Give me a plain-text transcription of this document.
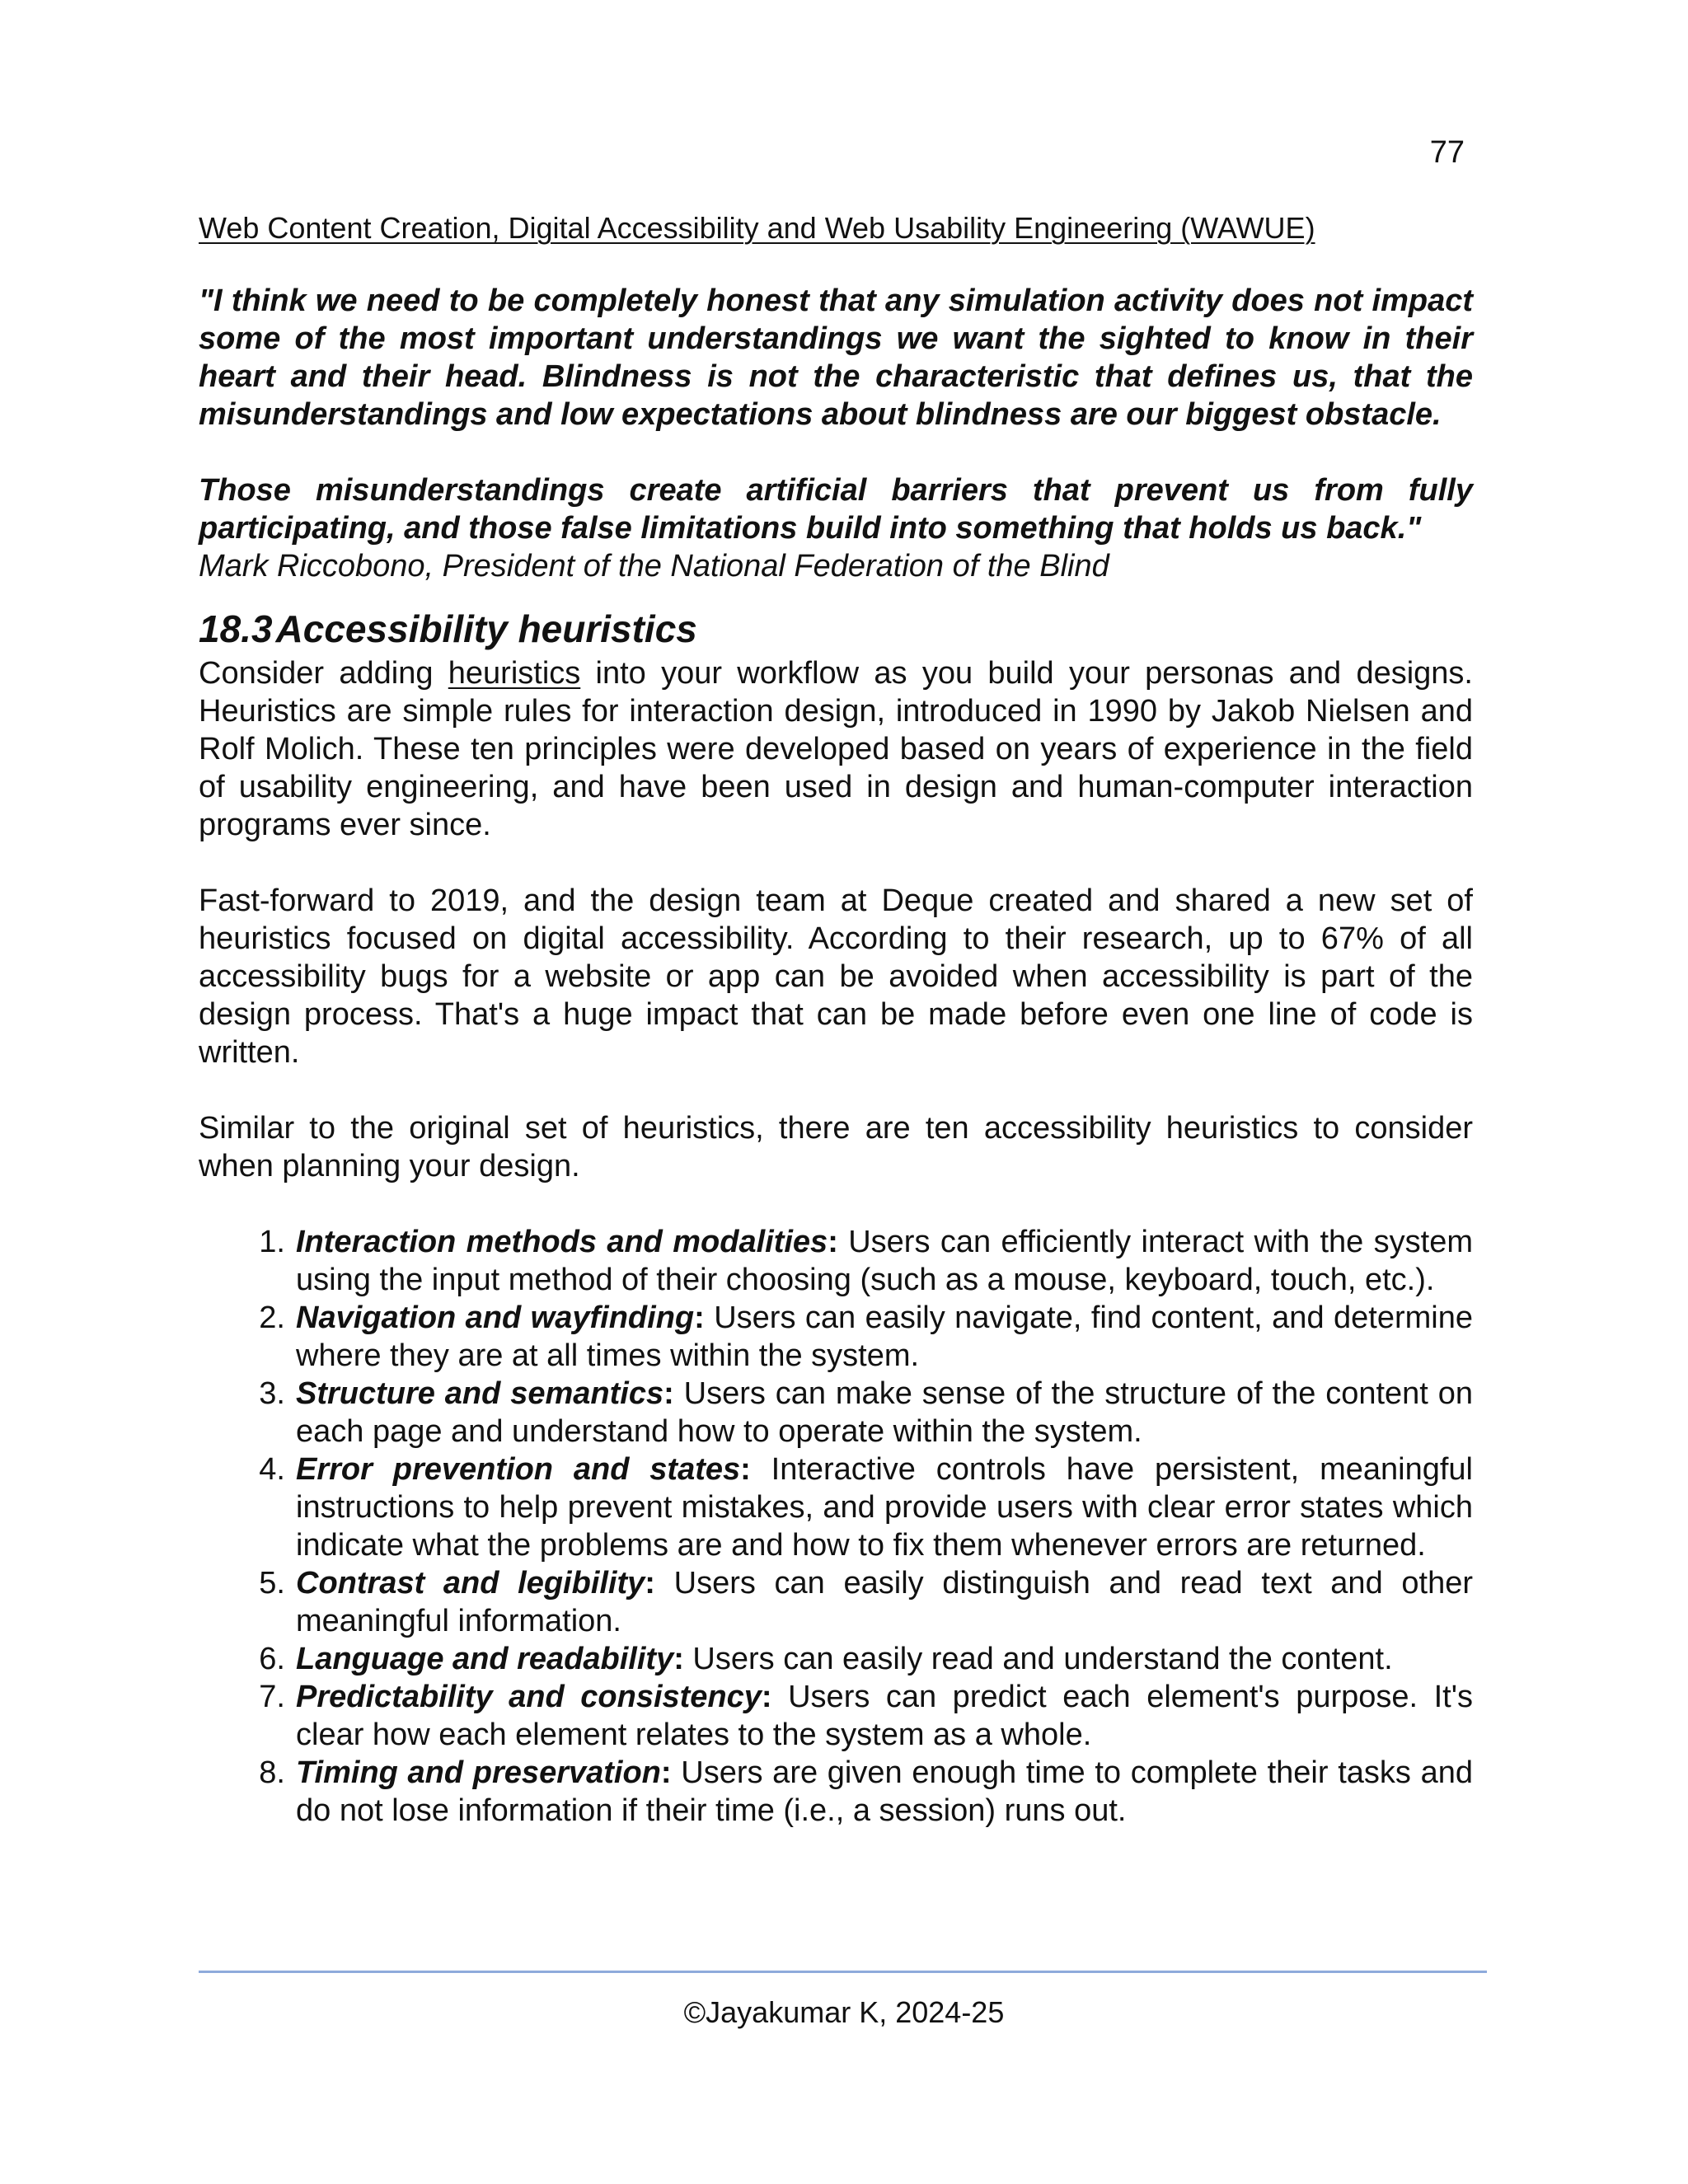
77

Web Content Creation, Digital Accessibility and Web Usability Engineering (WAWUE)

"I think we need to be completely honest that any simulation activity does not impact some of the most important understandings we want the sighted to know in their heart and their head. Blindness is not the characteristic that defines us, that the misunderstandings and low expectations about blindness are our biggest obstacle.

Those misunderstandings create artificial barriers that prevent us from fully participating, and those false limitations build into something that holds us back."

Mark Riccobono, President of the National Federation of the Blind

18.3Accessibility heuristics

Consider adding heuristics into your workflow as you build your personas and designs. Heuristics are simple rules for interaction design, introduced in 1990 by Jakob Nielsen and Rolf Molich. These ten principles were developed based on years of experience in the field of usability engineering, and have been used in design and human-computer interaction programs ever since.

Fast-forward to 2019, and the design team at Deque created and shared a new set of heuristics focused on digital accessibility. According to their research, up to 67% of all accessibility bugs for a website or app can be avoided when accessibility is part of the design process. That's a huge impact that can be made before even one line of code is written.

Similar to the original set of heuristics, there are ten accessibility heuristics to consider when planning your design.

1. Interaction methods and modalities: Users can efficiently interact with the system using the input method of their choosing (such as a mouse, keyboard, touch, etc.).
2. Navigation and wayfinding: Users can easily navigate, find content, and determine where they are at all times within the system.
3. Structure and semantics: Users can make sense of the structure of the content on each page and understand how to operate within the system.
4. Error prevention and states: Interactive controls have persistent, meaningful instructions to help prevent mistakes, and provide users with clear error states which indicate what the problems are and how to fix them whenever errors are returned.
5. Contrast and legibility: Users can easily distinguish and read text and other meaningful information.
6. Language and readability: Users can easily read and understand the content.
7. Predictability and consistency: Users can predict each element's purpose. It's clear how each element relates to the system as a whole.
8. Timing and preservation: Users are given enough time to complete their tasks and do not lose information if their time (i.e., a session) runs out.
©Jayakumar K, 2024-25
